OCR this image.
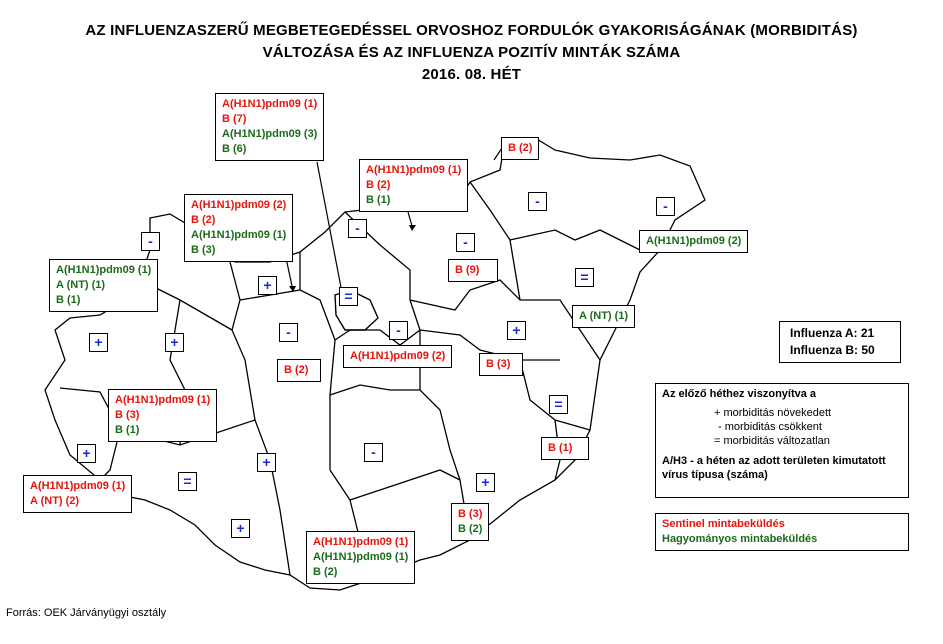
AZ INFLUENZASZERŰ MEGBETEGEDÉSSEL ORVOSHOZ FORDULÓK GYAKORISÁGÁNAK (MORBIDITÁS)
VÁLTOZÁSA ÉS AZ INFLUENZA POZITÍV MINTÁK SZÁMA
2016. 08. HÉT
A(H1N1)pdm09 (1)
B (7)
A(H1N1)pdm09 (3)
B (6)
A(H1N1)pdm09 (2)
B (2)
A(H1N1)pdm09 (1)
B (3)
A(H1N1)pdm09 (1)
A (NT) (1)
B (1)
A(H1N1)pdm09 (1)
B (2)
B (1)
B (2)
B (9)
A(H1N1)pdm09 (2)
A (NT) (1)
A(H1N1)pdm09 (2)
B (3)
B (2)
A(H1N1)pdm09 (1)
B (3)
B (1)
A(H1N1)pdm09 (1)
A (NT) (2)
B (1)
B (3)
B (2)
A(H1N1)pdm09 (1)
A(H1N1)pdm09 (1)
B (2)
-
-
-
-
-
+
=
-	-
=
+	+
+
=
+
=
+
-
+
+
Influenza A: 21
Influenza B: 50
Az előző héthez viszonyítva a
+ morbiditás növekedett
- morbiditás csökkent
= morbiditás változatlan
A/H3 - a héten az adott területen kimutatott
vírus típusa (száma)
Sentinel mintabeküldés
Hagyományos mintabeküldés
Forrás: OEK Járványügyi osztály
